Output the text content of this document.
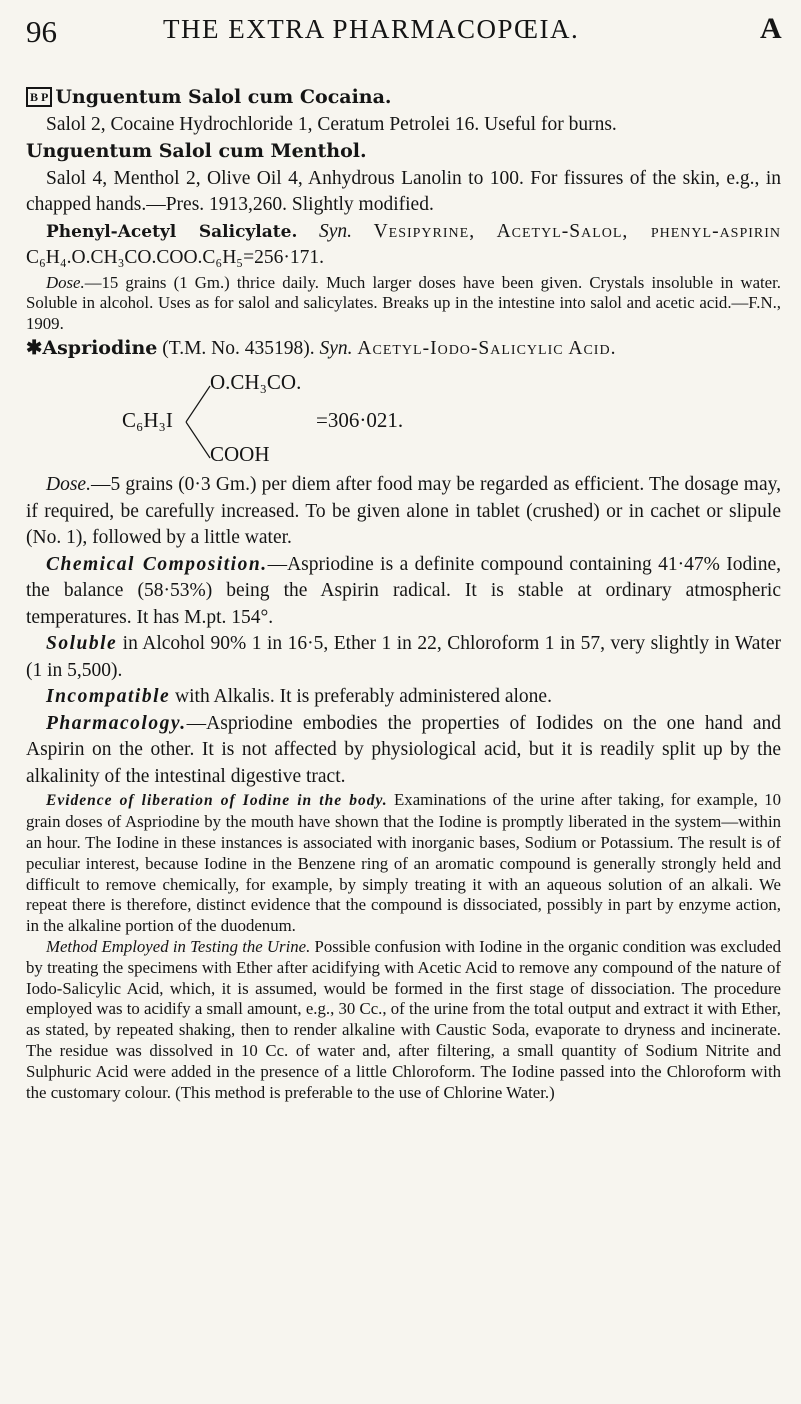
96	THE EXTRA PHARMACOPŒIA.	A

B P Unguentum Salol cum Cocaina.

Salol 2, Cocaine Hydrochloride 1, Ceratum Petrolei 16. Useful for burns.

Unguentum Salol cum Menthol.

Salol 4, Menthol 2, Olive Oil 4, Anhydrous Lanolin to 100. For fissures of the skin, e.g., in chapped hands.—Pres. 1913,260. Slightly modified.

Phenyl-Acetyl Salicylate. Syn. Vesipyrine, Acetyl-Salol, phenyl-aspirin C₆H₄.O.CH₃CO.COO.C₆H₅=256·171.

Dose.—15 grains (1 Gm.) thrice daily. Much larger doses have been given. Crystals insoluble in water. Soluble in alcohol. Uses as for salol and salicylates. Breaks up in the intestine into salol and acetic acid.—F.N., 1909.

✱Aspriodine (T.M. No. 435198). Syn. Acetyl-Iodo-Salicylic Acid.

C₆H₃I
O.CH₃CO.
COOH
=306·021.

Dose.—5 grains (0·3 Gm.) per diem after food may be regarded as efficient. The dosage may, if required, be carefully increased. To be given alone in tablet (crushed) or in cachet or slipule (No. 1), followed by a little water.

Chemical Composition.—Aspriodine is a definite compound containing 41·47% Iodine, the balance (58·53%) being the Aspirin radical. It is stable at ordinary atmospheric temperatures. It has M.pt. 154°.

Soluble in Alcohol 90% 1 in 16·5, Ether 1 in 22, Chloroform 1 in 57, very slightly in Water (1 in 5,500).

Incompatible with Alkalis. It is preferably administered alone.

Pharmacology.—Aspriodine embodies the properties of Iodides on the one hand and Aspirin on the other. It is not affected by physiological acid, but it is readily split up by the alkalinity of the intestinal digestive tract.

Evidence of liberation of Iodine in the body. Examinations of the urine after taking, for example, 10 grain doses of Aspriodine by the mouth have shown that the Iodine is promptly liberated in the system—within an hour. The Iodine in these instances is associated with inorganic bases, Sodium or Potassium. The result is of peculiar interest, because Iodine in the Benzene ring of an aromatic compound is generally strongly held and difficult to remove chemically, for example, by simply treating it with an aqueous solution of an alkali. We repeat there is therefore, distinct evidence that the compound is dissociated, possibly in part by enzyme action, in the alkaline portion of the duodenum.

Method Employed in Testing the Urine. Possible confusion with Iodine in the organic condition was excluded by treating the specimens with Ether after acidifying with Acetic Acid to remove any compound of the nature of Iodo-Salicylic Acid, which, it is assumed, would be formed in the first stage of dissociation. The procedure employed was to acidify a small amount, e.g., 30 Cc., of the urine from the total output and extract it with Ether, as stated, by repeated shaking, then to render alkaline with Caustic Soda, evaporate to dryness and incinerate. The residue was dissolved in 10 Cc. of water and, after filtering, a small quantity of Sodium Nitrite and Sulphuric Acid were added in the presence of a little Chloroform. The Iodine passed into the Chloroform with the customary colour. (This method is preferable to the use of Chlorine Water.)
